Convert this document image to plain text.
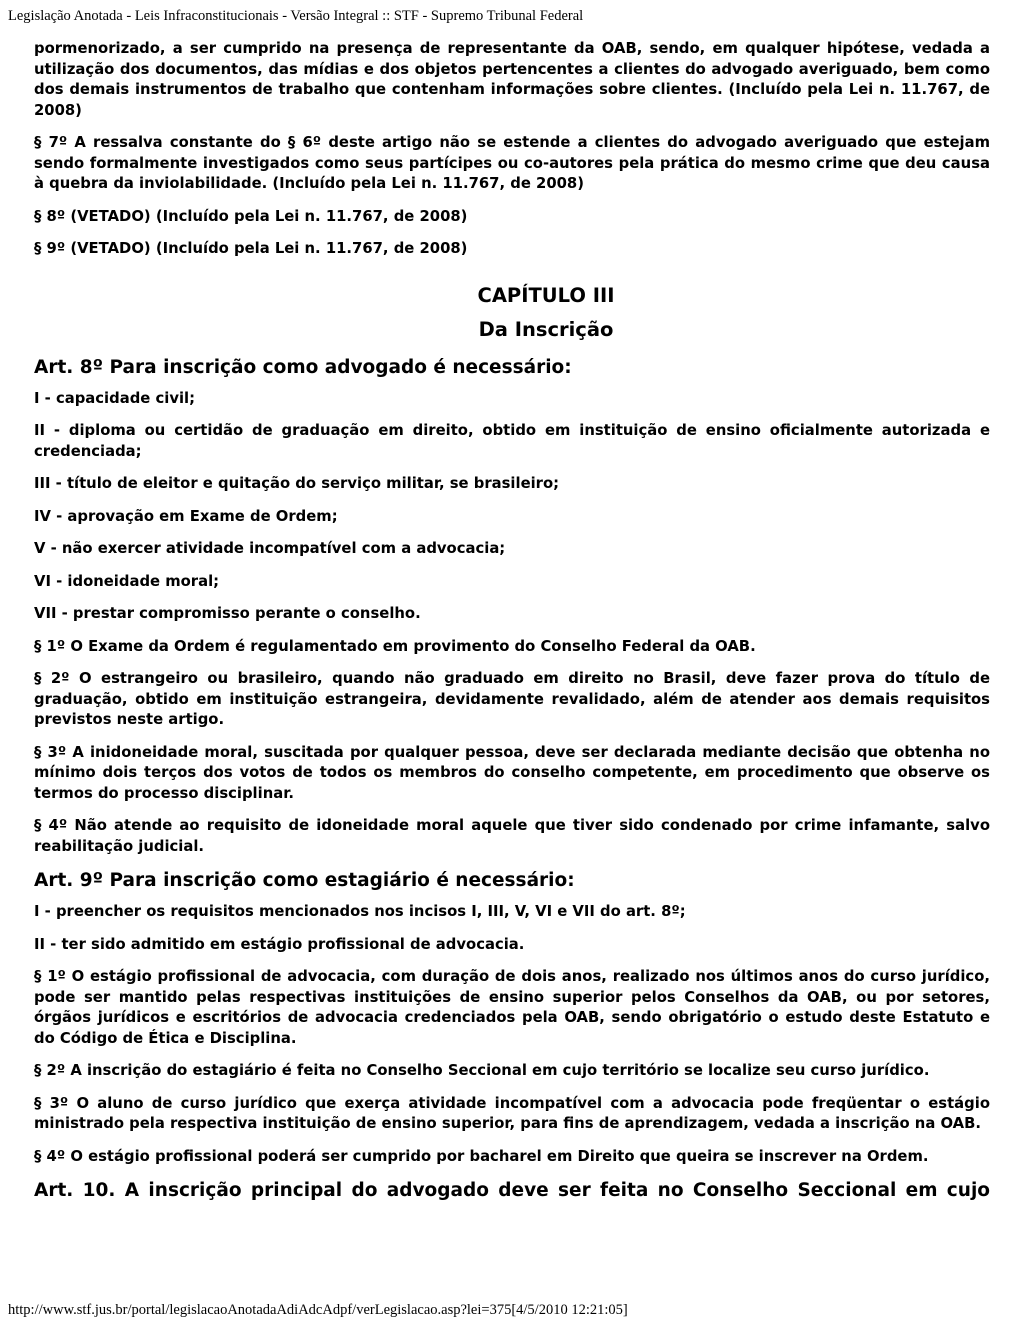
Legislação Anotada - Leis Infraconstitucionais - Versão Integral :: STF - Supremo Tribunal Federal

pormenorizado, a ser cumprido na presença de representante da OAB, sendo, em qualquer hipótese, vedada a utilização dos documentos, das mídias e dos objetos pertencentes a clientes do advogado averiguado, bem como dos demais instrumentos de trabalho que contenham informações sobre clientes. (Incluído pela Lei n. 11.767, de 2008)

§ 7º A ressalva constante do § 6º deste artigo não se estende a clientes do advogado averiguado que estejam sendo formalmente investigados como seus partícipes ou co-autores pela prática do mesmo crime que deu causa à quebra da inviolabilidade. (Incluído pela Lei n. 11.767, de 2008)

§ 8º (VETADO) (Incluído pela Lei n. 11.767, de 2008)

§ 9º (VETADO) (Incluído pela Lei n. 11.767, de 2008)

CAPÍTULO III
Da Inscrição
Art. 8º Para inscrição como advogado é necessário:

I - capacidade civil;

II - diploma ou certidão de graduação em direito, obtido em instituição de ensino oficialmente autorizada e credenciada;

III - título de eleitor e quitação do serviço militar, se brasileiro;

IV - aprovação em Exame de Ordem;

V - não exercer atividade incompatível com a advocacia;

VI - idoneidade moral;

VII - prestar compromisso perante o conselho.

§ 1º O Exame da Ordem é regulamentado em provimento do Conselho Federal da OAB.

§ 2º O estrangeiro ou brasileiro, quando não graduado em direito no Brasil, deve fazer prova do título de graduação, obtido em instituição estrangeira, devidamente revalidado, além de atender aos demais requisitos previstos neste artigo.

§ 3º A inidoneidade moral, suscitada por qualquer pessoa, deve ser declarada mediante decisão que obtenha no mínimo dois terços dos votos de todos os membros do conselho competente, em procedimento que observe os termos do processo disciplinar.

§ 4º Não atende ao requisito de idoneidade moral aquele que tiver sido condenado por crime infamante, salvo reabilitação judicial.

Art. 9º Para inscrição como estagiário é necessário:

I - preencher os requisitos mencionados nos incisos I, III, V, VI e VII do art. 8º;

II - ter sido admitido em estágio profissional de advocacia.

§ 1º O estágio profissional de advocacia, com duração de dois anos, realizado nos últimos anos do curso jurídico, pode ser mantido pelas respectivas instituições de ensino superior pelos Conselhos da OAB, ou por setores, órgãos jurídicos e escritórios de advocacia credenciados pela OAB, sendo obrigatório o estudo deste Estatuto e do Código de Ética e Disciplina.

§ 2º A inscrição do estagiário é feita no Conselho Seccional em cujo território se localize seu curso jurídico.

§ 3º O aluno de curso jurídico que exerça atividade incompatível com a advocacia pode freqüentar o estágio ministrado pela respectiva instituição de ensino superior, para fins de aprendizagem, vedada a inscrição na OAB.

§ 4º O estágio profissional poderá ser cumprido por bacharel em Direito que queira se inscrever na Ordem.

Art. 10. A inscrição principal do advogado deve ser feita no Conselho Seccional em cujo
http://www.stf.jus.br/portal/legislacaoAnotadaAdiAdcAdpf/verLegislacao.asp?lei=375[4/5/2010 12:21:05]
